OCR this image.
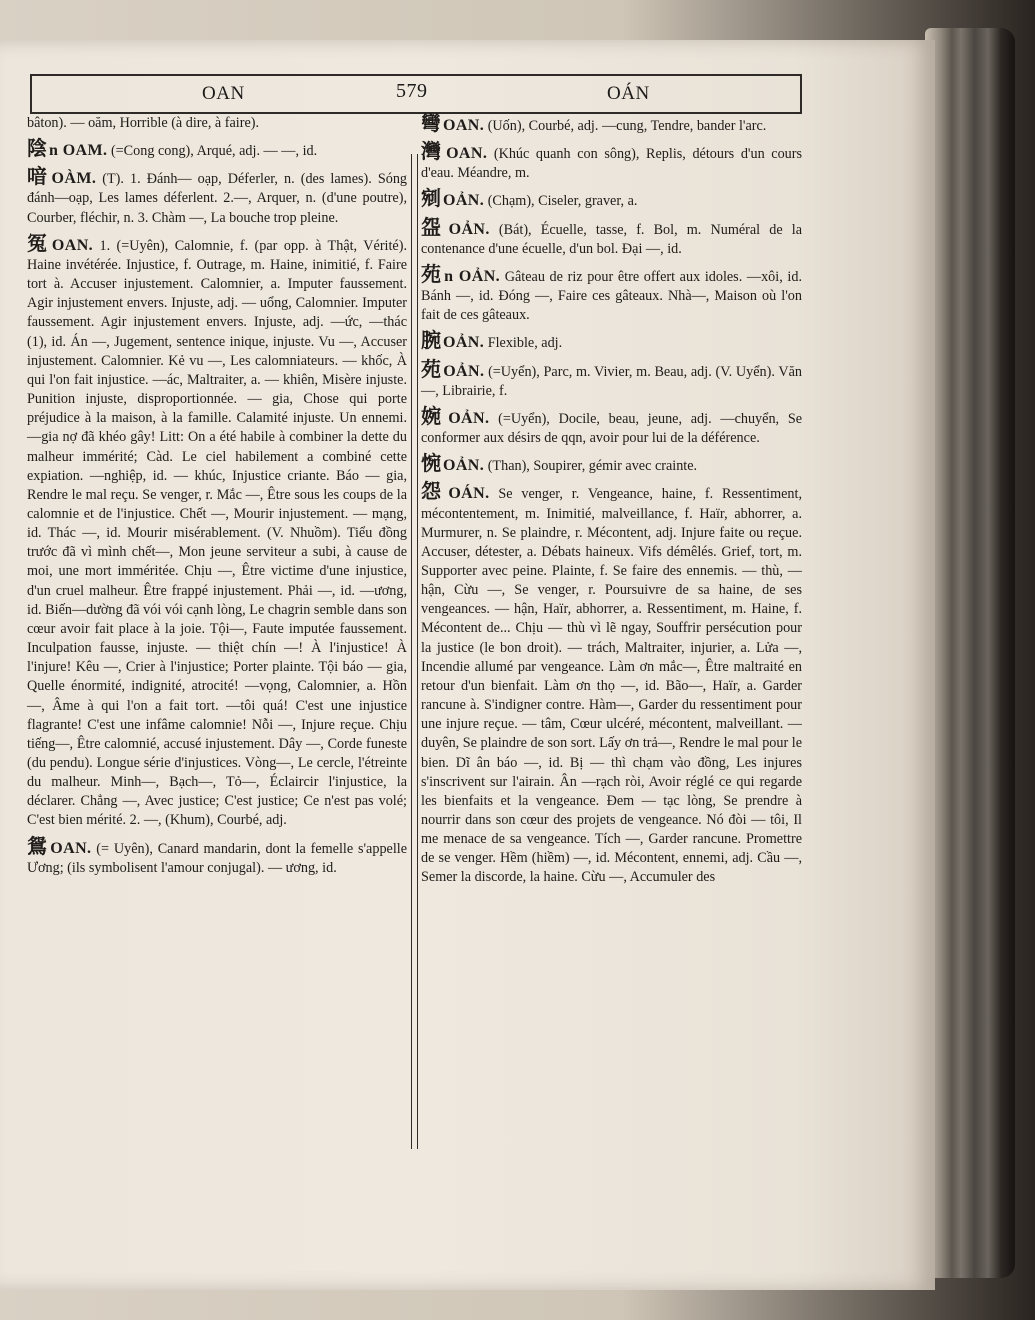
OAN	579	OÁN

bâton). — oăm, Horrible (à dire, à faire).

陰 n OAM. (=Cong cong), Arqué, adj. — —, id.

喑 OÀM. (T). 1. Đánh— oạp, Déferler, n. (des lames). Sóng đánh—oạp, Les lames déferlent. 2.—, Arquer, n. (d'une poutre), Courber, fléchir, n. 3. Chàm —, La bouche trop pleine.

冤 OAN. 1. (=Uyên), Calomnie, f. (par opp. à Thật, Vérité). Haine invétérée. Injustice, f. Outrage, m. Haine, inimitié, f. Faire tort à. Accuser injustement. Calomnier, a. Imputer faussement. Agir injustement envers. Injuste, adj. — uổng, Calomnier. Imputer faussement. Agir injustement envers. Injuste, adj. —ức, —thác (1), id. Án —, Jugement, sentence inique, injuste. Vu —, Accuser injustement. Calomnier. Kẻ vu —, Les calomniateurs. — khốc, À qui l'on fait injustice. —ác, Maltraiter, a. — khiên, Misère injuste. Punition injuste, disproportionnée. — gia, Chose qui porte préjudice à la maison, à la famille. Calamité injuste. Un ennemi. —gia nợ đã khéo gây! Litt: On a été habile à combiner la dette du malheur immérité; Càd. Le ciel habilement a combiné cette expiation. —nghiệp, id. — khúc, Injustice criante. Báo — gia, Rendre le mal reçu. Se venger, r. Mắc —, Être sous les coups de la calomnie et de l'injustice. Chết —, Mourir injustement. — mạng, id. Thác —, id. Mourir misérablement. (V. Nhuồm). Tiểu đồng trước đã vì mình chết—, Mon jeune serviteur a subi, à cause de moi, une mort imméritée. Chịu —, Être victime d'une injustice, d'un cruel malheur. Être frappé injustement. Phải —, id. —ương, id. Biến—dường đã vói vói cạnh lòng, Le chagrin semble dans son cœur avoir fait place à la joie. Tội—, Faute imputée faussement. Inculpation fausse, injuste. — thiệt chín —! À l'injustice! À l'injure! Kêu —, Crier à l'injustice; Porter plainte. Tội báo — gia, Quelle énormité, indignité, atrocité! —vọng, Calomnier, a. Hồn —, Âme à qui l'on a fait tort. —tôi quá! C'est une injustice flagrante! C'est une infâme calomnie! Nỗi —, Injure reçue. Chịu tiếng—, Être calomnié, accusé injustement. Dây —, Corde funeste (du pendu). Longue série d'injustices. Vòng—, Le cercle, l'étreinte du malheur. Minh—, Bạch—, Tỏ—, Éclaircir l'injustice, la déclarer. Chẳng —, Avec justice; C'est justice; Ce n'est pas volé; C'est bien mérité. 2. —, (Khum), Courbé, adj.

鴛 OAN. (= Uyên), Canard mandarin, dont la femelle s'appelle Ương; (ils symbolisent l'amour conjugal). — ương, id.

彎 OAN. (Uốn), Courbé, adj. —cung, Tendre, bander l'arc.

灣 OAN. (Khúc quanh con sông), Replis, détours d'un cours d'eau. Méandre, m.

剜 OẢN. (Chạm), Ciseler, graver, a.

盌 OẢN. (Bát), Écuelle, tasse, f. Bol, m. Numéral de la contenance d'une écuelle, d'un bol. Đại —, id.

苑 n OẢN. Gâteau de riz pour être offert aux idoles. —xôi, id. Bánh —, id. Đóng —, Faire ces gâteaux. Nhà—, Maison où l'on fait de ces gâteaux.

腕 OẢN. Flexible, adj.

苑 OẢN. (=Uyển), Parc, m. Vivier, m. Beau, adj. (V. Uyển). Văn—, Librairie, f.

婉 OẢN. (=Uyển), Docile, beau, jeune, adj. —chuyển, Se conformer aux désirs de qqn, avoir pour lui de la déférence.

惋 OẢN. (Than), Soupirer, gémir avec crainte.

怨 OÁN. Se venger, r. Vengeance, haine, f. Ressentiment, mécontentement, m. Inimitié, malveillance, f. Haïr, abhorrer, a. Murmurer, n. Se plaindre, r. Mécontent, adj. Injure faite ou reçue. Accuser, détester, a. Débats haineux. Vifs démêlés. Grief, tort, m. Supporter avec peine. Plainte, f. Se faire des ennemis. — thù, — hận, Cừu —, Se venger, r. Poursuivre de sa haine, de ses vengeances. — hận, Haïr, abhorrer, a. Ressentiment, m. Haine, f. Mécontent de... Chịu — thù vì lẽ ngay, Souffrir persécution pour la justice (le bon droit). — trách, Maltraiter, injurier, a. Lửa —, Incendie allumé par vengeance. Làm ơn mắc—, Être maltraité en retour d'un bienfait. Làm ơn thọ —, id. Bão—, Haïr, a. Garder rancune à. S'indigner contre. Hàm—, Garder du ressentiment pour une injure reçue. — tâm, Cœur ulcéré, mécontent, malveillant. — duyên, Se plaindre de son sort. Lấy ơn trả—, Rendre le mal pour le bien. Dĩ ân báo —, id. Bị — thì chạm vào đồng, Les injures s'inscrivent sur l'airain. Ân —rạch ròi, Avoir réglé ce qui regarde les bienfaits et la vengeance. Đem — tạc lòng, Se prendre à nourrir dans son cœur des projets de vengeance. Nó đòi — tôi, Il me menace de sa vengeance. Tích —, Garder rancune. Promettre de se venger. Hềm (hiềm) —, id. Mécontent, ennemi, adj. Cầu —, Semer la discorde, la haine. Cừu —, Accumuler des
